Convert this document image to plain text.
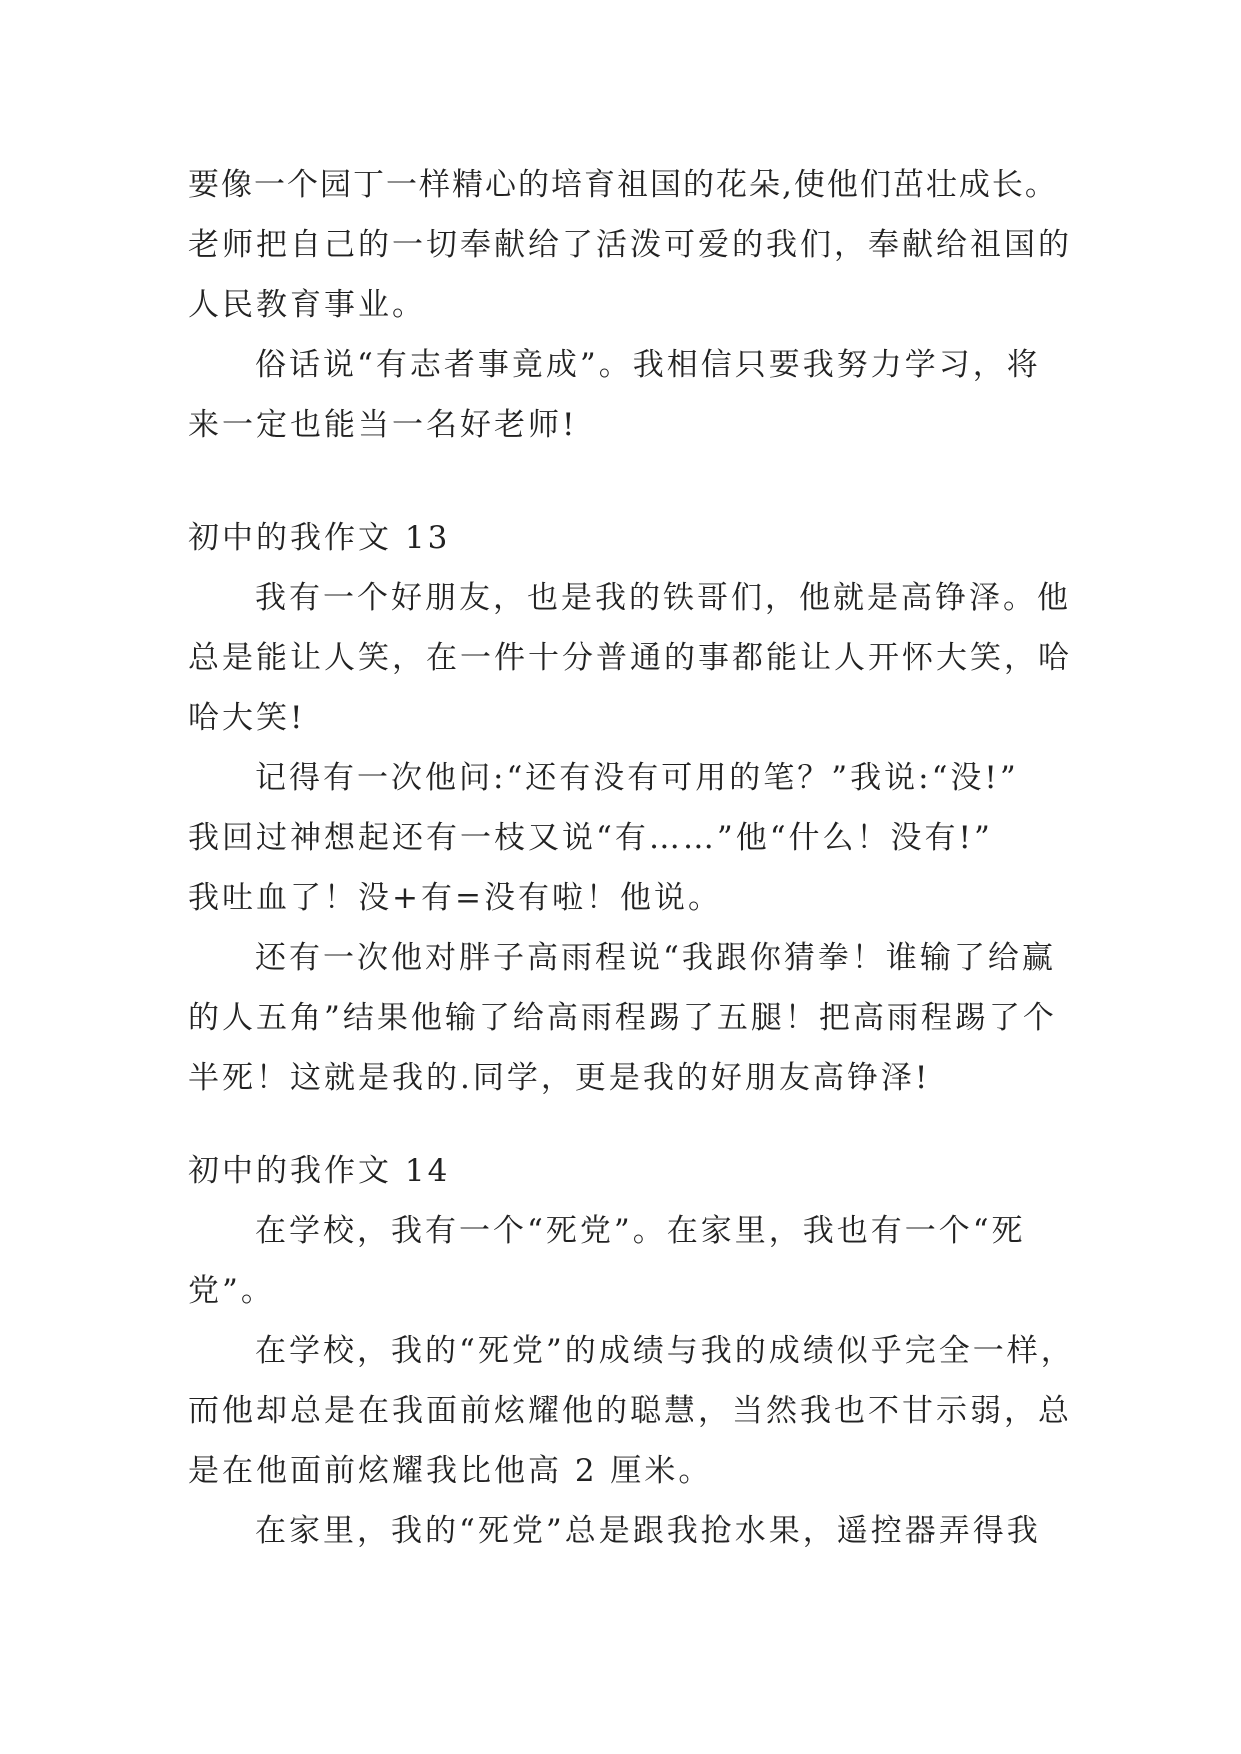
要像一个园丁一样精心的培育祖国的花朵,使他们茁壮成长。
老师把自己的一切奉献给了活泼可爱的我们，奉献给祖国的
人民教育事业。
俗话说“有志者事竟成”。我相信只要我努力学习，将
来一定也能当一名好老师!
初中的我作文 13
我有一个好朋友，也是我的铁哥们，他就是高铮泽。他
总是能让人笑，在一件十分普通的事都能让人开怀大笑，哈
哈大笑!
记得有一次他问:“还有没有可用的笔？”我说:“没!”
我回过神想起还有一枝又说“有……”他“什么！没有!”
我吐血了！没+有=没有啦！他说。
还有一次他对胖子高雨程说“我跟你猜拳！谁输了给赢
的人五角”结果他输了给高雨程踢了五腿！把高雨程踢了个
半死！这就是我的.同学，更是我的好朋友高铮泽!
初中的我作文 14
在学校，我有一个“死党”。在家里，我也有一个“死
党”。
在学校，我的“死党”的成绩与我的成绩似乎完全一样，
而他却总是在我面前炫耀他的聪慧，当然我也不甘示弱，总
是在他面前炫耀我比他高 2 厘米。
在家里，我的“死党”总是跟我抢水果，遥控器弄得我
